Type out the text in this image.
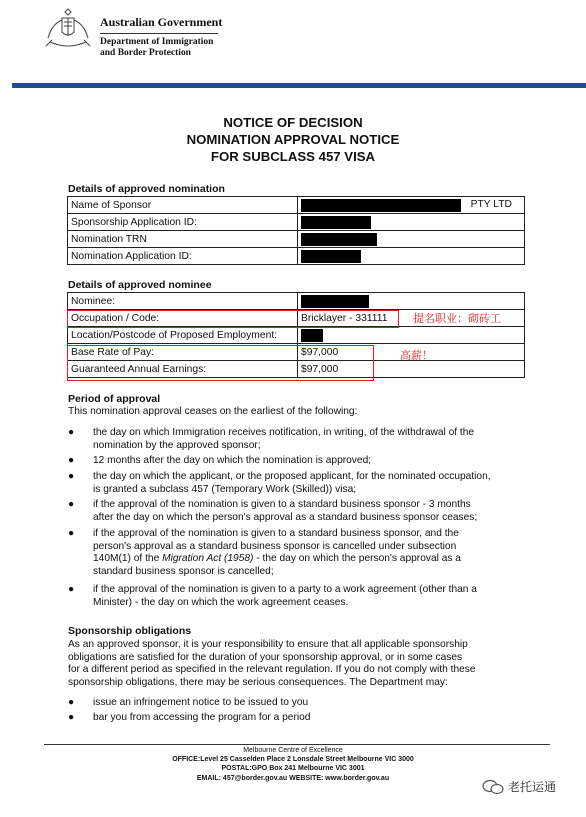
Australian Government
Department of Immigration
and Border Protection
NOTICE OF DECISION
NOMINATION APPROVAL NOTICE
FOR SUBCLASS 457 VISA
Details of approved nomination
Name of Sponsor	PTY LTD

Sponsorship Application ID:	
Nomination TRN	
Nomination Application ID:	
Details of approved nominee
Nominee:	
Occupation / Code:	Bricklayer - 331111
Location/Postcode of Proposed Employment:	
Base Rate of Pay:	$97,000
Guaranteed Annual Earnings:	$97,000
提名职业：砌砖工
高薪！
Period of approval
This nomination approval ceases on the earliest of the following:
● the day on which Immigration receives notification, in writing, of the withdrawal of the
nomination by the approved sponsor;
● 12 months after the day on which the nomination is approved;
● the day on which the applicant, or the proposed applicant, for the nominated occupation,
is granted a subclass 457 (Temporary Work (Skilled)) visa;
● if the approval of the nomination is given to a standard business sponsor - 3 months
after the day on which the person's approval as a standard business sponsor ceases;
● if the approval of the nomination is given to a standard business sponsor, and the
person's approval as a standard business sponsor is cancelled under subsection
140M(1) of the Migration Act (1958) - the day on which the person's approval as a
standard business sponsor is cancelled;
● if the approval of the nomination is given to a party to a work agreement (other than a
Minister) - the day on which the work agreement ceases.
Sponsorship obligations
As an approved sponsor, it is your responsibility to ensure that all applicable sponsorship
obligations are satisfied for the duration of your sponsorship approval, or in some cases
for a different period as specified in the relevant regulation. If you do not comply with these
sponsorship obligations, there may be serious consequences. The Department may:
● issue an infringement notice to be issued to you
● bar you from accessing the program for a period
Melbourne Centre of Excellence
OFFICE:Level 25 Casselden Place 2 Lonsdale Street Melbourne VIC 3000
POSTAL:GPO Box 241 Melbourne VIC 3001
EMAIL: 457@border.gov.au WEBSITE: www.border.gov.au
老托运通
